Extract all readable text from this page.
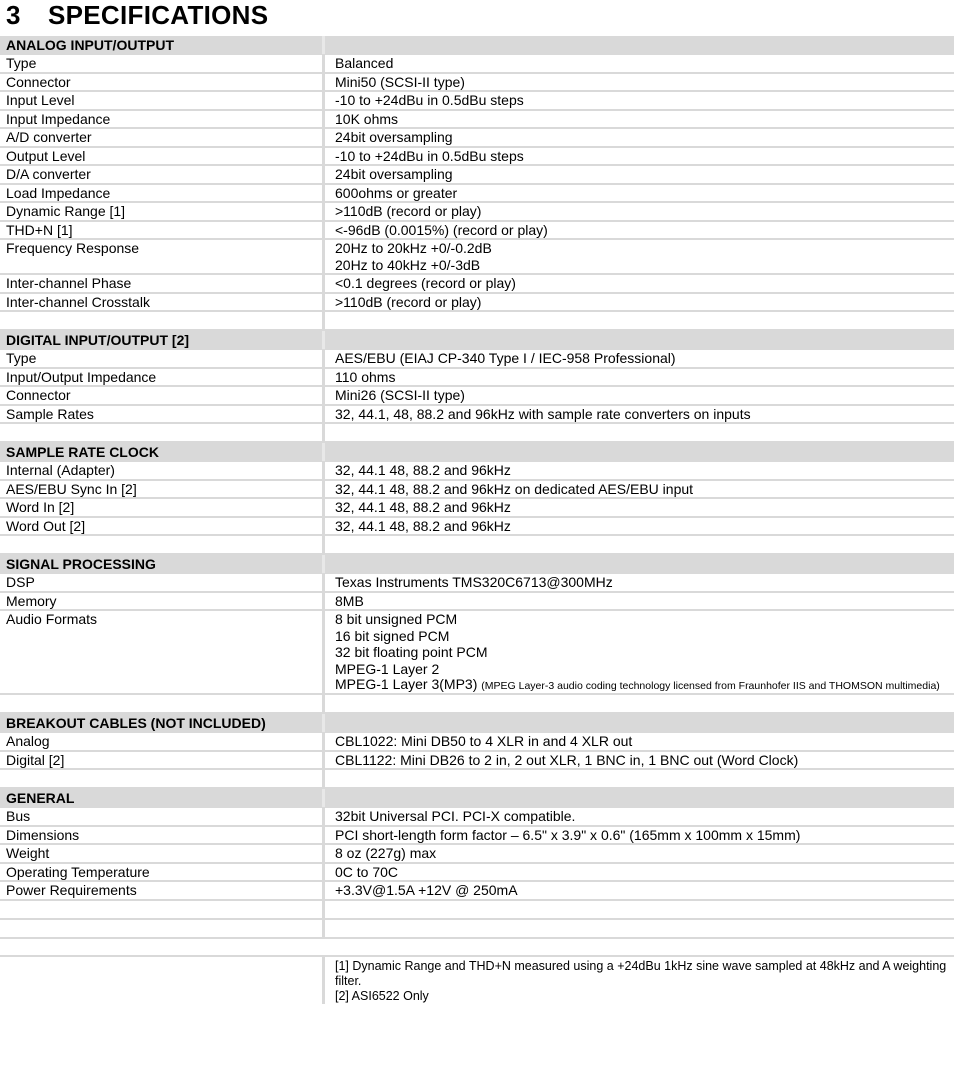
3 SPECIFICATIONS
ANALOG INPUT/OUTPUT
Type	Balanced
Connector	Mini50 (SCSI-II type)
Input Level	-10 to +24dBu in 0.5dBu steps
Input Impedance	10K ohms
A/D converter	24bit oversampling
Output Level	-10 to +24dBu in 0.5dBu steps
D/A converter	24bit oversampling
Load Impedance	600ohms or greater
Dynamic Range [1]	>110dB (record or play)
THD+N [1]	<-96dB (0.0015%) (record or play)
Frequency Response	20Hz to 20kHz +0/-0.2dB
20Hz to 40kHz +0/-3dB
Inter-channel Phase	<0.1 degrees (record or play)
Inter-channel Crosstalk	>110dB (record or play)
DIGITAL INPUT/OUTPUT [2]
Type	AES/EBU (EIAJ CP-340 Type I / IEC-958 Professional)
Input/Output Impedance	110 ohms
Connector	Mini26 (SCSI-II type)
Sample Rates	32, 44.1, 48, 88.2 and 96kHz with sample rate converters on inputs
SAMPLE RATE CLOCK
Internal (Adapter)	32, 44.1 48, 88.2 and 96kHz
AES/EBU Sync In [2]	32, 44.1 48, 88.2 and 96kHz on dedicated AES/EBU input
Word In [2]	32, 44.1 48, 88.2 and 96kHz
Word Out [2]	32, 44.1 48, 88.2 and 96kHz
SIGNAL PROCESSING
DSP	Texas Instruments TMS320C6713@300MHz
Memory	8MB
Audio Formats	8 bit unsigned PCM
16 bit signed PCM
32 bit floating point PCM
MPEG-1 Layer 2
MPEG-1 Layer 3(MP3) (MPEG Layer-3 audio coding technology licensed from Fraunhofer IIS and THOMSON multimedia)
BREAKOUT CABLES (NOT INCLUDED)
Analog	CBL1022: Mini DB50 to 4 XLR in and 4 XLR out
Digital [2]	CBL1122: Mini DB26 to 2 in, 2 out XLR, 1 BNC in, 1 BNC out (Word Clock)
GENERAL
Bus	32bit Universal PCI. PCI-X compatible.
Dimensions	PCI short-length form factor – 6.5" x 3.9" x 0.6" (165mm x 100mm x 15mm)
Weight	8 oz (227g) max
Operating Temperature	0C to 70C
Power Requirements	+3.3V@1.5A +12V @ 250mA
[1] Dynamic Range and THD+N measured using a +24dBu 1kHz sine wave sampled at 48kHz and A weighting filter.
[2] ASI6522 Only
